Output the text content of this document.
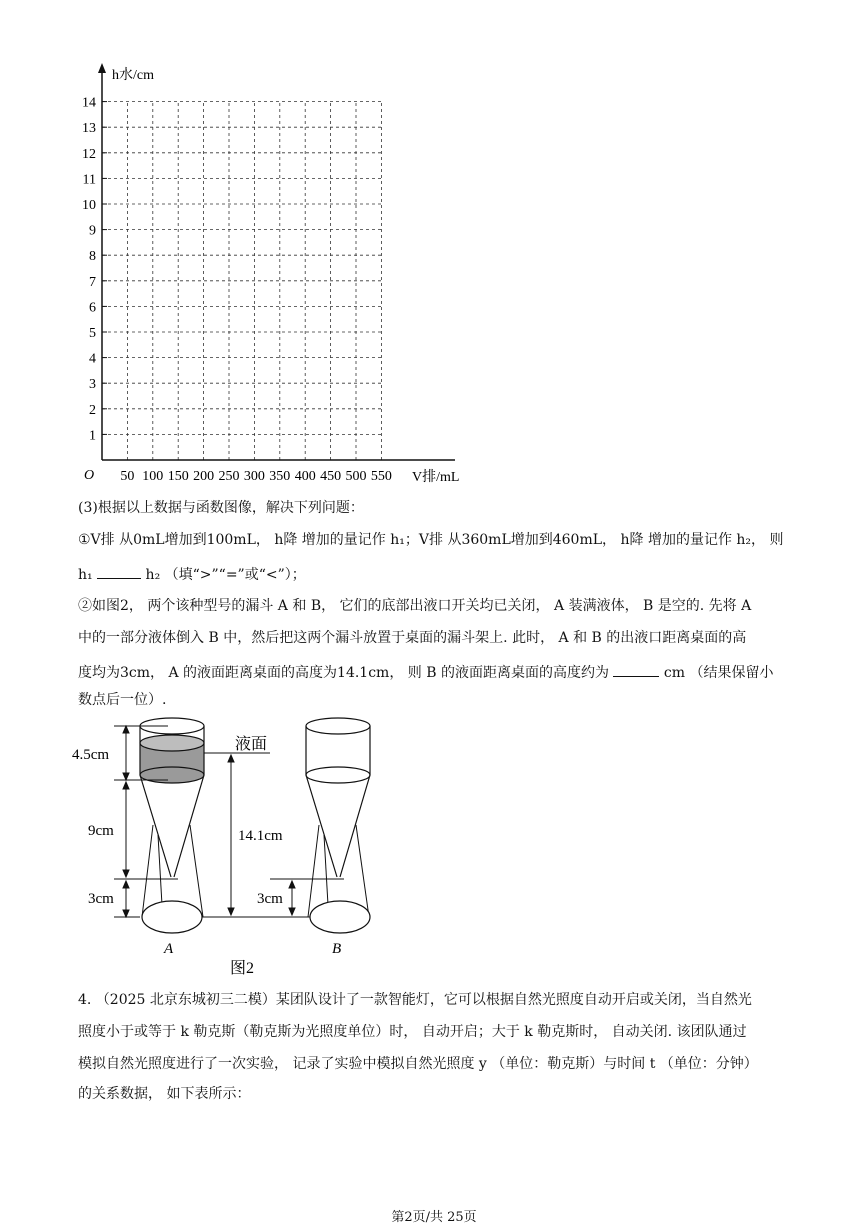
1
2
3
4
5
6
7
8
9
10
11
12
13
14
50 100 150 200 250 300 350 400 450 500 550
h水/cm
O	V排/mL
(3)根据以上数据与函数图像，解决下列问题：
①V排 从0mL增加到100mL， h降 增加的量记作 h₁；V排 从360mL增加到460mL， h降 增加的量记作 h₂， 则
h₁	h₂ （填“>”“=”或“<”）；
②如图2， 两个该种型号的漏斗 A 和 B， 它们的底部出液口开关均已关闭， A 装满液体， B 是空的. 先将 A
中的一部分液体倒入 B 中，然后把这两个漏斗放置于桌面的漏斗架上. 此时， A 和 B 的出液口距离桌面的高
度均为3cm， A 的液面距离桌面的高度为14.1cm， 则 B 的液面距离桌面的高度约为	cm （结果保留小
数点后一位）.
4.5cm
9cm
3cm
14.1cm
3cm
液面
A	B
图2
4. （2025 北京东城初三二模）某团队设计了一款智能灯，它可以根据自然光照度自动开启或关闭，当自然光
照度小于或等于 k 勒克斯（勒克斯为光照度单位）时， 自动开启；大于 k 勒克斯时， 自动关闭. 该团队通过
模拟自然光照度进行了一次实验， 记录了实验中模拟自然光照度 y （单位：勒克斯）与时间 t （单位：分钟）
的关系数据， 如下表所示：
第2页/共 25页
